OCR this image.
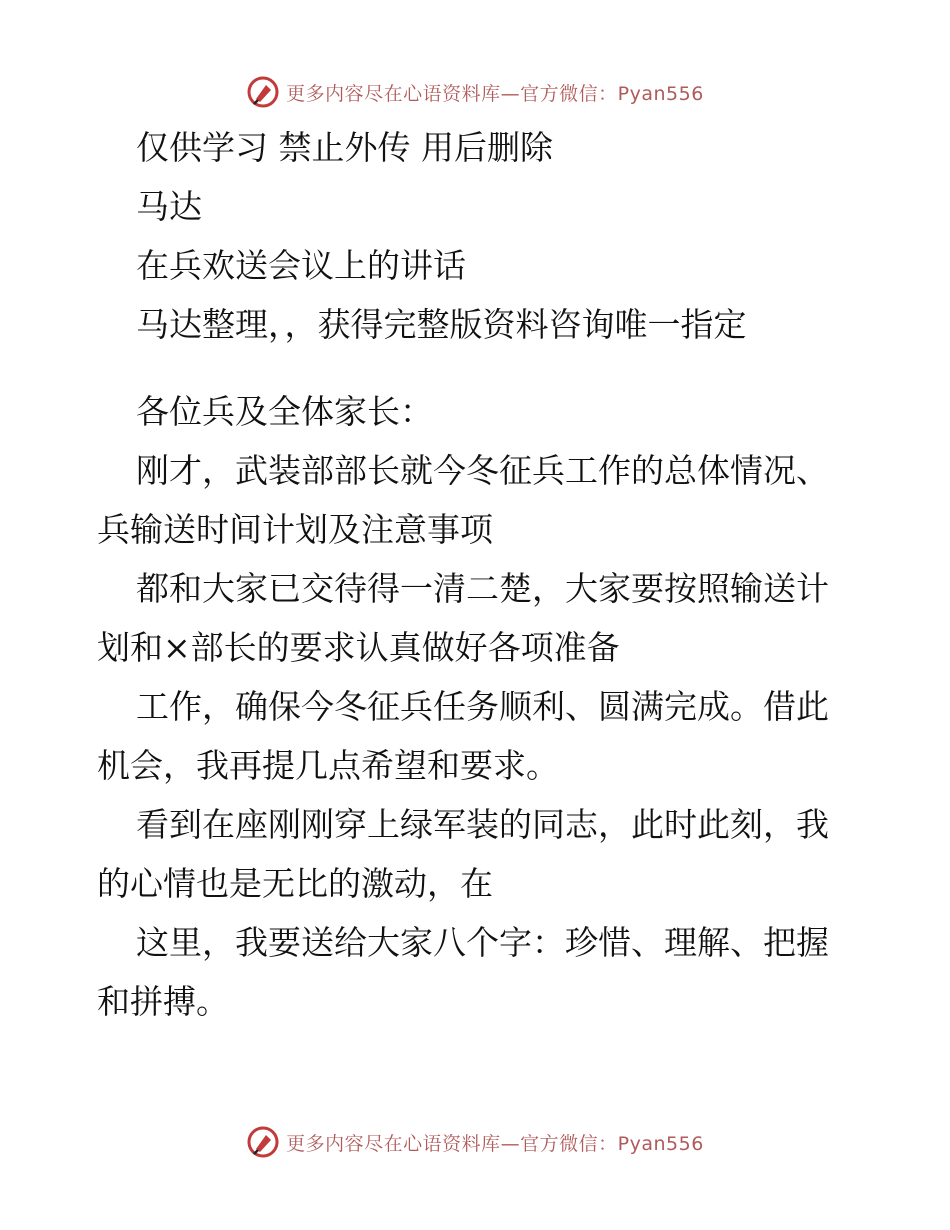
更多内容尽在心语资料库—官方微信：Pyan556
仅供学习 禁止外传 用后删除
马达
在兵欢送会议上的讲话
马达整理，，获得完整版资料咨询唯一指定
各位兵及全体家长：
刚才，武装部部长就今冬征兵工作的总体情况、
兵输送时间计划及注意事项
都和大家已交待得一清二楚，大家要按照输送计
划和×部长的要求认真做好各项准备
工作，确保今冬征兵任务顺利、圆满完成。借此
机会，我再提几点希望和要求。
看到在座刚刚穿上绿军装的同志，此时此刻，我
的心情也是无比的激动，在
这里，我要送给大家八个字：珍惜、理解、把握
和拼搏。
更多内容尽在心语资料库—官方微信：Pyan556
